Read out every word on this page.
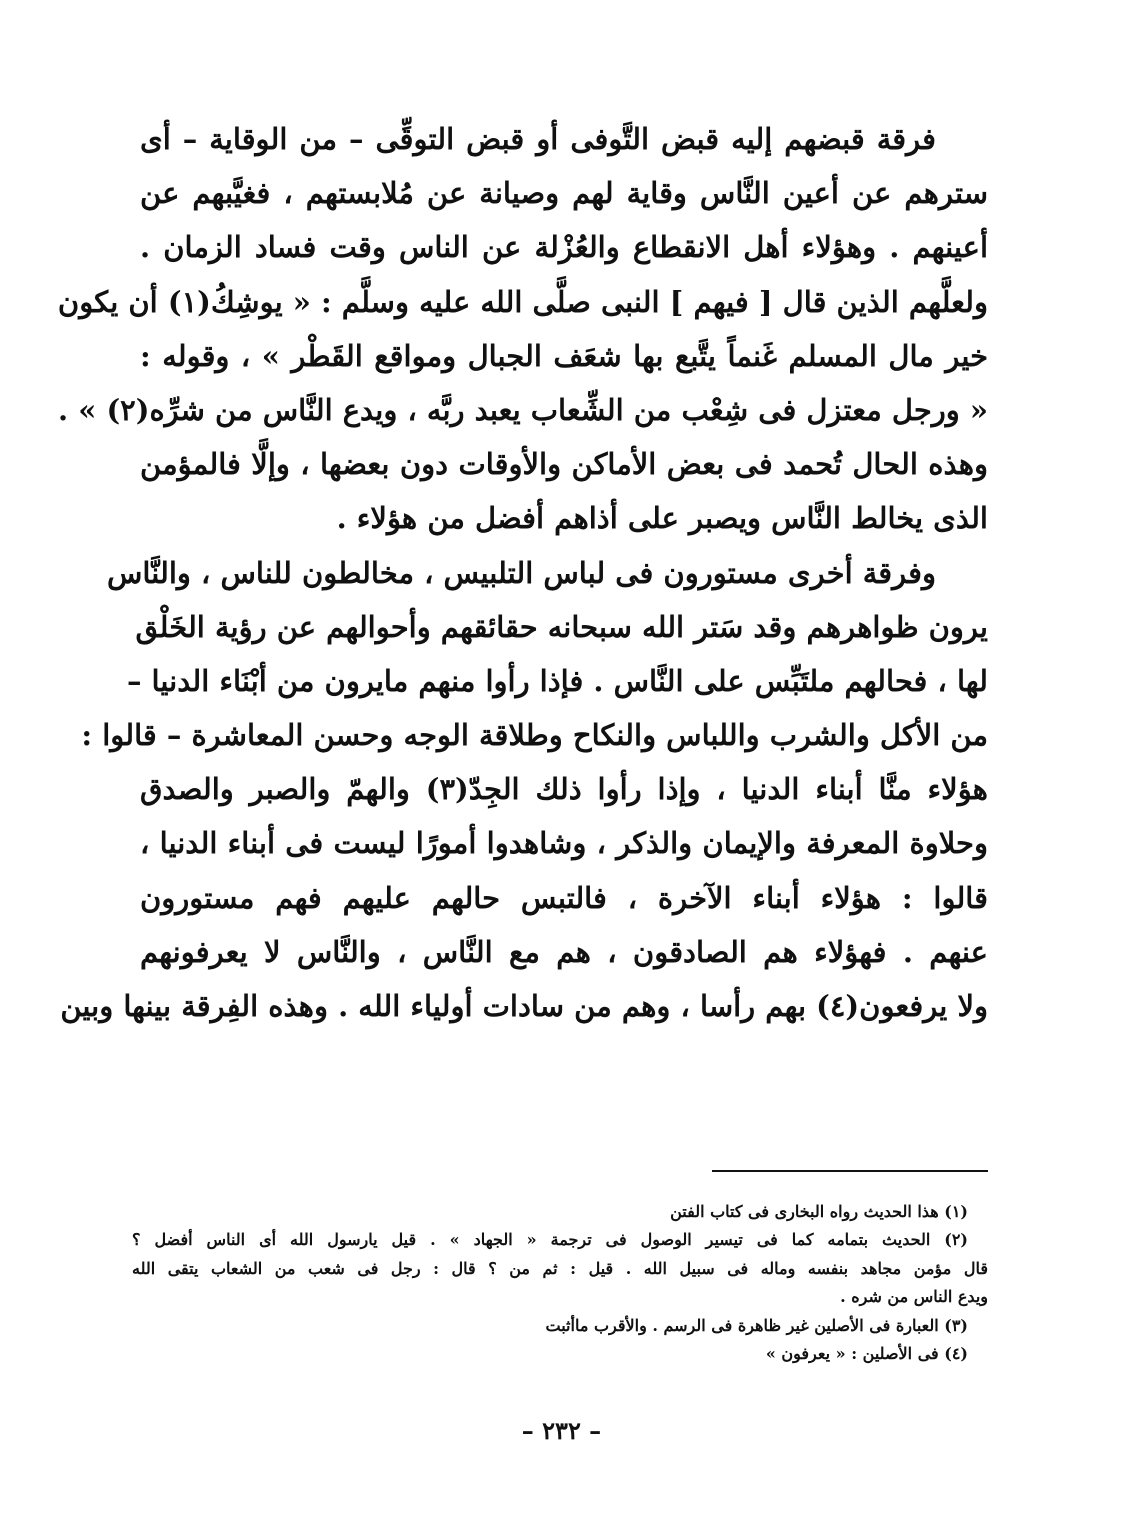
فرقة قبضهم إليه قبض التَّوفى أو قبض التوقِّى – من الوقاية – أى
سترهم عن أعين النَّاس وقاية لهم وصيانة عن مُلابستهم ، فغيَّبهم عن
أعينهم . وهؤلاء أهل الانقطاع والعُزْلة عن الناس وقت فساد الزمان .
ولعلَّهم الذين قال [ فيهم ] النبى صلَّى الله عليه وسلَّم : « يوشِكُ(١) أن يكون
خير مال المسلم غَنماً يتَّبع بها شعَف الجبال ومواقع القَطْر » ، وقوله :
« ورجل معتزل فى شِعْب من الشِّعاب يعبد ربَّه ، ويدع النَّاس من شرِّه(٢) » .
وهذه الحال تُحمد فى بعض الأماكن والأوقات دون بعضها ، وإلَّا فالمؤمن
الذى يخالط النَّاس ويصبر على أذاهم أفضل من هؤلاء .
وفرقة أخرى مستورون فى لباس التلبيس ، مخالطون للناس ، والنَّاس
يرون ظواهرهم وقد سَتر الله سبحانه حقائقهم وأحوالهم عن رؤية الخَلْق
لها ، فحالهم ملتَبِّس على النَّاس . فإذا رأوا منهم مايرون من أبْنَاء الدنيا –
من الأكل والشرب واللباس والنكاح وطلاقة الوجه وحسن المعاشرة – قالوا :
هؤلاء منَّا أبناء الدنيا ، وإذا رأوا ذلك الجِدّ(٣) والهمّ والصبر والصدق
وحلاوة المعرفة والإيمان والذكر ، وشاهدوا أمورًا ليست فى أبناء الدنيا ،
قالوا : هؤلاء أبناء الآخرة ، فالتبس حالهم عليهم فهم مستورون
عنهم . فهؤلاء هم الصادقون ، هم مع النَّاس ، والنَّاس لا يعرفونهم
ولا يرفعون(٤) بهم رأسا ، وهم من سادات أولياء الله . وهذه الفِرقة بينها وبين
(١) هذا الحديث رواه البخارى فى كتاب الفتن
(٢) الحديث بتمامه كما فى تيسير الوصول فى ترجمة « الجهاد » . قيل يارسول الله أى الناس أفضل ؟
قال مؤمن مجاهد بنفسه وماله فى سبيل الله . قيل : ثم من ؟ قال : رجل فى شعب من الشعاب يتقى الله
ويدع الناس من شره .
(٣) العبارة فى الأصلين غير ظاهرة فى الرسم . والأقرب ماأثبت
(٤) فى الأصلين : « يعرفون »
– ٢٣٢ –
